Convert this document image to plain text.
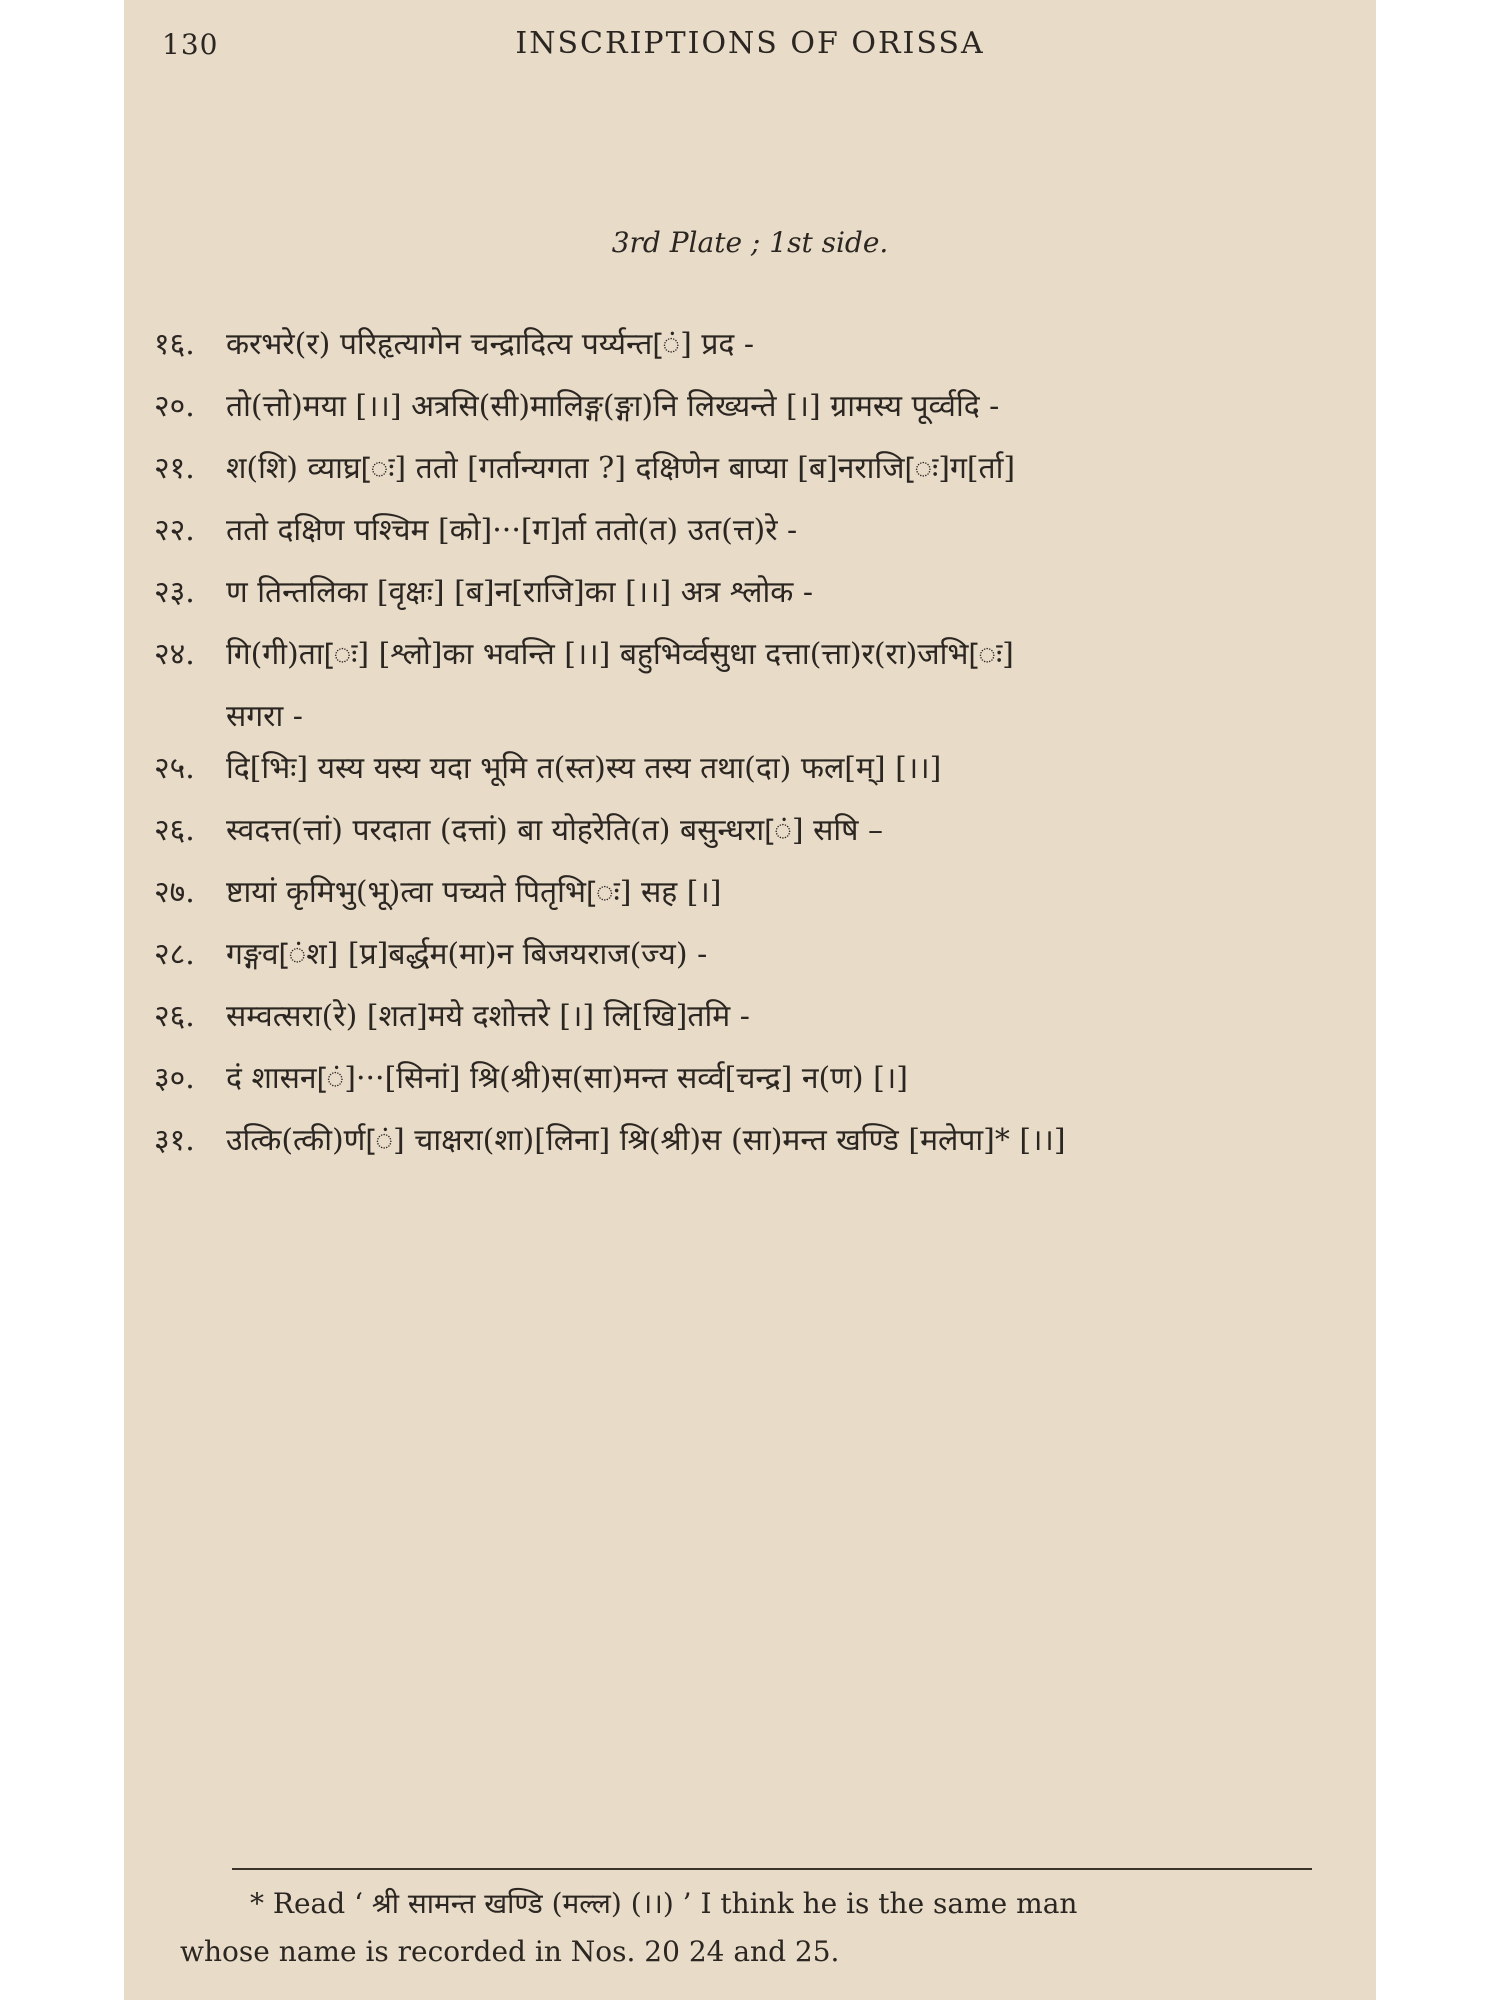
130	INSCRIPTIONS OF ORISSA
3rd Plate ; 1st side.
१६.	करभरे(र) परिहृत्यागेन चन्द्रादित्य पर्य्यन्त[ं] प्रद -
२०.	तो(त्तो)मया [।।] अत्रसि(सी)मालिङ्ग(ङ्गा)नि लिख्यन्ते [।] ग्रामस्य पूर्व्वदि -
२१.	श(शि) व्याघ्र[ः] ततो [गर्तान्यगता ?] दक्षिणेन बाप्या [ब]नराजि[ः]ग[र्ता]
२२.	ततो दक्षिण पश्चिम [को]···[ग]र्ता ततो(त) उत(त्त)रे -
२३.	ण तिन्तलिका [वृक्षः] [ब]न[राजि]का [।।] अत्र श्लोक -
२४.	गि(गी)ता[ः] [श्लो]का भवन्ति [।।] बहुभिर्व्वसुधा दत्ता(त्ता)र(रा)जभि[ः]
सगरा -
२५.	दि[भिः] यस्य यस्य यदा भूमि त(स्त)स्य तस्य तथा(दा) फल[म्] [।।]
२६.	स्वदत्त(त्तां) परदाता (दत्तां) बा योहरेति(त) बसुन्धरा[ं] सषि –
२७.	ष्टायां कृमिभु(भू)त्वा पच्यते पितृभि[ः] सह [।]
२८.	गङ्गव[ंश] [प्र]बर्द्धम(मा)न बिजयराज(ज्य) -
२६.	सम्वत्सरा(रे) [शत]मये दशोत्तरे [।] लि[खि]तमि -
३०.	दं शासन[ं]···[सिनां] श्रि(श्री)स(सा)मन्त सर्व्व[चन्द्र] न(ण) [।]
३१.	उत्कि(त्की)र्ण[ं] चाक्षरा(शा)[लिना] श्रि(श्री)स (सा)मन्त खण्डि [मलेपा]* [।।]
* Read ‘ श्री सामन्त खण्डि (मल्ल) (।।) ’ I think he is the same man
whose name is recorded in Nos. 20 24 and 25.
